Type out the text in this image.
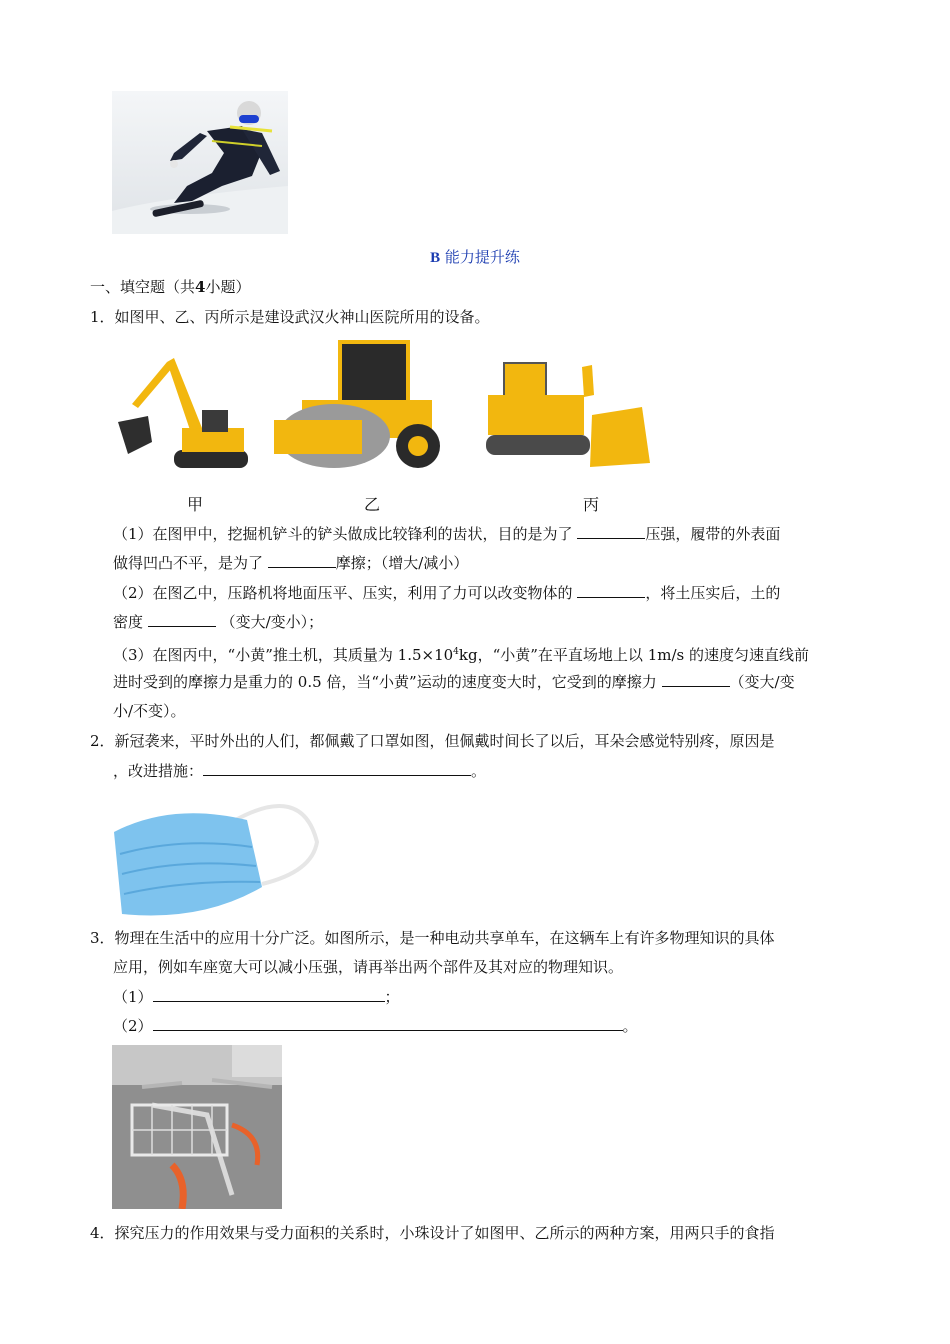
B 能力提升练
一、填空题（共4小题）
1．如图甲、乙、丙所示是建设武汉火神山医院所用的设备。
甲	乙	丙
（1）在图甲中，挖掘机铲斗的铲头做成比较锋利的齿状，目的是为了	压强，履带的外表面
做得凹凸不平，是为了	摩擦；（增大/减小）
（2）在图乙中，压路机将地面压平、压实，利用了力可以改变物体的	，将土压实后，土的
密度	（变大/变小）；
（3）在图丙中，“小黄”推土机，其质量为 $1.5\times 10^4kg$，“小黄”在平直场地上以 1m/s 的速度匀速直线前
进时受到的摩擦力是重力的 0.5 倍，当“小黄”运动的速度变大时，它受到的摩擦力	（变大/变
小/不变）。
2．新冠袭来，平时外出的人们，都佩戴了口罩如图，但佩戴时间长了以后，耳朵会感觉特别疼，原因是
，改进措施：	。
3．物理在生活中的应用十分广泛。如图所示，是一种电动共享单车，在这辆车上有许多物理知识的具体
应用，例如车座宽大可以减小压强，请再举出两个部件及其对应的物理知识。
（1）	；
（2）	。
4．探究压力的作用效果与受力面积的关系时，小珠设计了如图甲、乙所示的两种方案，用两只手的食指
